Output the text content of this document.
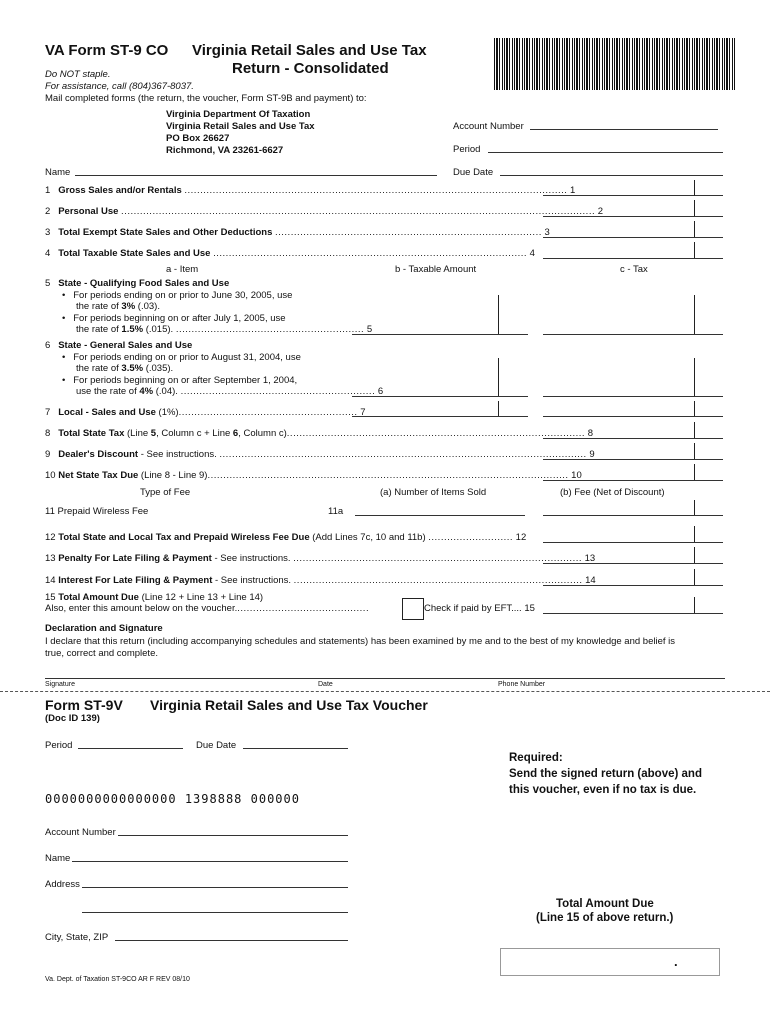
VA Form ST-9 CO Virginia Retail Sales and Use Tax
Return - Consolidated
Do NOT staple.
For assistance, call (804)367-8037.
Mail completed forms (the return, the voucher, Form ST-9B and payment) to:
Virginia Department Of Taxation
Virginia Retail Sales and Use Tax
PO Box 26627
Richmond, VA 23261-6627
Account Number
Period
Name	Due Date
1   Gross Sales and/or Rentals .......................................................................................................................... 1
2   Personal Use ....................................................................................................................................................... 2
3   Total Exempt State Sales and Other Deductions ..................................................................................... 3
4   Total Taxable State Sales and Use .................................................................................................... 4
a - Item	b - Taxable Amount	c - Tax
5   State - Qualifying Food Sales and Use
•   For periods ending on or prior to June 30, 2005, use
the rate of 3% (.03).
•   For periods beginning on or after July 1, 2005, use
the rate of 1.5% (.015). ............................................................ 5
6   State - General Sales and Use
•   For periods ending on or prior to August 31, 2004, use
the rate of 3.5% (.035).
•   For periods beginning on or after September 1, 2004,
use the rate of 4% (.04). .............................................................. 6
7   Local - Sales and Use (1%)......................................................... 7
8   Total State Tax (Line 5, Column c + Line 6, Column c)............................................................................................... 8
9   Dealer's Discount - See instructions. ..................................................................................................................... 9
10 Net State Tax Due (Line 8 - Line 9)................................................................................................................... 10
Type of Fee	(a) Number of Items Sold	(b) Fee (Net of Discount)
11 Prepaid Wireless Fee	11a
12 Total State and Local Tax and Prepaid Wireless Fee Due (Add Lines 7c, 10 and 11b) ........................... 12
13 Penalty For Late Filing & Payment - See instructions. ............................................................................................ 13
14 Interest For Late Filing & Payment - See instructions. ............................................................................................ 14
15 Total Amount Due (Line 12 + Line 13 + Line 14)
Also, enter this amount below on the voucher...........................................	Check if paid by EFT.... 15
Declaration and Signature
I declare that this return (including accompanying schedules and statements) has been examined by me and to the best of my knowledge and belief is
true, correct and complete.
Signature	Date	Phone Number
Form ST-9V Virginia Retail Sales and Use Tax Voucher
(Doc ID 139)
Period	Due Date
Required:
Send the signed return (above) and
this voucher, even if no tax is due.
0000000000000000 1398888 000000
Account Number
Name
Address
City, State, ZIP
Total Amount Due
(Line 15 of above return.)
.
Va. Dept. of Taxation ST-9CO AR F REV 08/10
